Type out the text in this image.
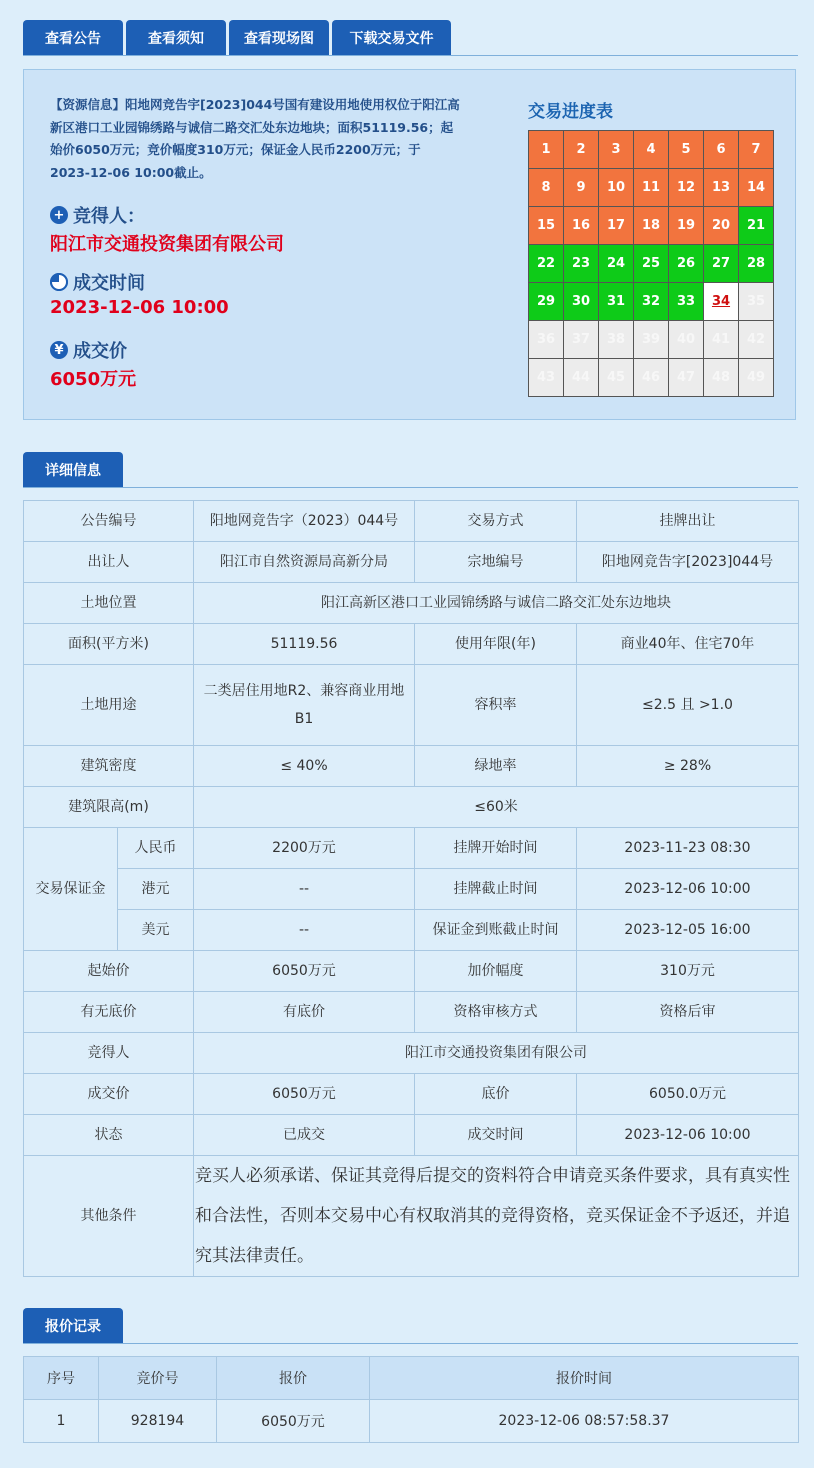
查看公告	查看须知	查看现场图	下载交易文件
【资源信息】阳地网竞告宇[2023]044号国有建设用地使用权位于阳江高新区港口工业园锦绣路与诚信二路交汇处东边地块；面积51119.56；起始价6050万元；竞价幅度310万元；保证金人民币2200万元；于2023-12-06 10:00截止。
+ 竞得人：
阳江市交通投资集团有限公司
成交时间
2023-12-06 10:00
¥ 成交价
6050万元
交易进度表
1	2	3	4	5	6	7
8	9	10	11	12	13	14
15	16	17	18	19	20	21
22	23	24	25	26	27	28
29	30	31	32	33	34	35
36	37	38	39	40	41	42
43	44	45	46	47	48	49
详细信息
公告编号		阳地网竞告字（2023）044号	交易方式	挂牌出让
出让人		阳江市自然资源局高新分局	宗地编号	阳地网竞告字[2023]044号
土地位置		阳江高新区港口工业园锦绣路与诚信二路交汇处东边地块		
面积(平方米)		51119.56	使用年限(年)	商业40年、住宅70年
土地用途		二类居住用地R2、兼容商业用地B1	容积率	≤2.5 且 >1.0
建筑密度		≤ 40%	绿地率	≥ 28%
建筑限高(m)		≤60米		
交易保证金	人民币	2200万元	挂牌开始时间	2023-11-23 08:30
	港元	--	挂牌截止时间	2023-12-06 10:00
	美元	--	保证金到账截止时间	2023-12-05 16:00
起始价		6050万元	加价幅度	310万元
有无底价		有底价	资格审核方式	资格后审
竞得人		阳江市交通投资集团有限公司		
成交价		6050万元	底价	6050.0万元
状态		已成交	成交时间	2023-12-06 10:00
其他条件		竞买人必须承诺、保证其竞得后提交的资料符合申请竞买条件要求，具有真实性和合法性，否则本交易中心有权取消其的竞得资格，竞买保证金不予返还，并追究其法律责任。		
报价记录
序号	竞价号	报价	报价时间
1	928194	6050万元	2023-12-06 08:57:58.37
